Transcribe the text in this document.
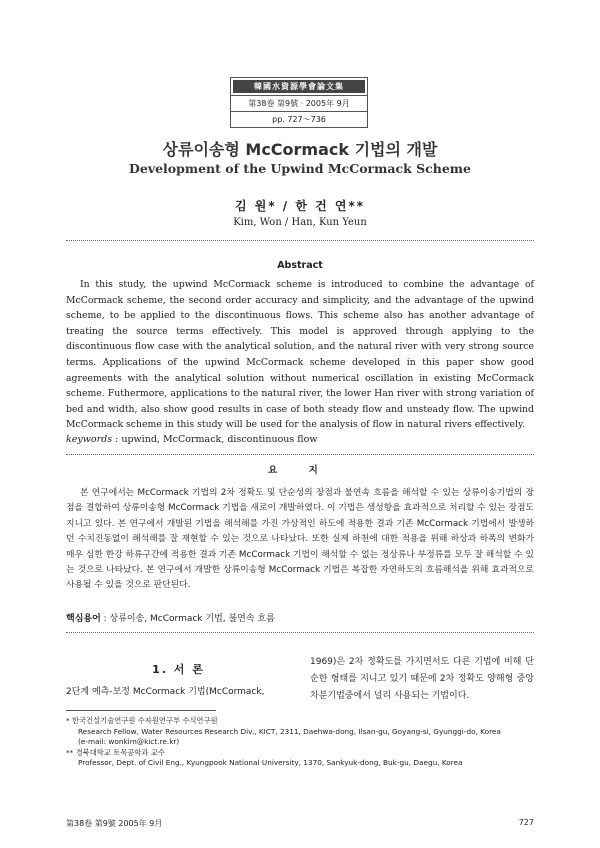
韓國水資源學會論文集
第38卷 第9號 · 2005年 9月
pp. 727～736
상류이송형 McCormack 기법의 개발
Development of the Upwind McCormack Scheme
김 원* / 한 건 연**
Kim, Won / Han, Kun Yeun
Abstract
In this study, the upwind McCormack scheme is introduced to combine the advantage of McCormack scheme, the second order accuracy and simplicity, and the advantage of the upwind scheme, to be applied to the discontinuous flows. This scheme also has another advantage of treating the source terms effectively. This model is approved through applying to the discontinuous flow case with the analytical solution, and the natural river with very strong source terms. Applications of the upwind McCormack scheme developed in this paper show good agreements with the analytical solution without numerical oscillation in existing McCormack scheme. Futhermore, applications to the natural river, the lower Han river with strong variation of bed and width, also show good results in case of both steady flow and unsteady flow. The upwind McCormack scheme in this study will be used for the analysis of flow in natural rivers effectively.
keywords : upwind, McCormack, discontinuous flow
요 지
본 연구에서는 McCormack 기법의 2차 정확도 및 단순성의 장점과 불연속 흐름을 해석할 수 있는 상류이송기법의 장점을 결합하여 상류이송형 McCormack 기법을 새로이 개발하였다. 이 기법은 생성항을 효과적으로 처리할 수 있는 장점도 지니고 있다. 본 연구에서 개발된 기법을 해석해를 가진 가상적인 하도에 적용한 결과 기존 McCormack 기법에서 발생하던 수치진동없이 해석해를 잘 재현할 수 있는 것으로 나타났다. 또한 실제 하천에 대한 적용을 위해 하상과 하폭의 변화가 매우 심한 한강 하류구간에 적용한 결과 기존 McCormack 기법이 해석할 수 없는 정상류나 부정류를 모두 잘 해석할 수 있는 것으로 나타났다. 본 연구에서 개발한 상류이송형 McCormack 기법은 복잡한 자연하도의 흐름해석을 위해 효과적으로 사용될 수 있을 것으로 판단된다.
핵심용어 : 상류이송, McCormack 기법, 불연속 흐름
1. 서 론
2단계 예측-보정 McCormack 기법(McCormack,
1969)은 2차 정확도를 가지면서도 다른 기법에 비해 단순한 형태를 지니고 있기 때문에 2차 정확도 양해형 중앙차분기법중에서 널리 사용되는 기법이다.
* 한국건설기술연구원 수자원연구부 수석연구원
Research Fellow, Water Resources Research Div., KICT, 2311, Daehwa-dong, Ilsan-gu, Goyang-si, Gyunggi-do, Korea
(e-mail: wonkim@kict.re.kr)
** 경북대학교 토목공학과 교수
Professor, Dept. of Civil Eng., Kyungpook National University, 1370, Sankyuk-dong, Buk-gu, Daegu, Korea
第38卷 第9號 2005年 9月	727
